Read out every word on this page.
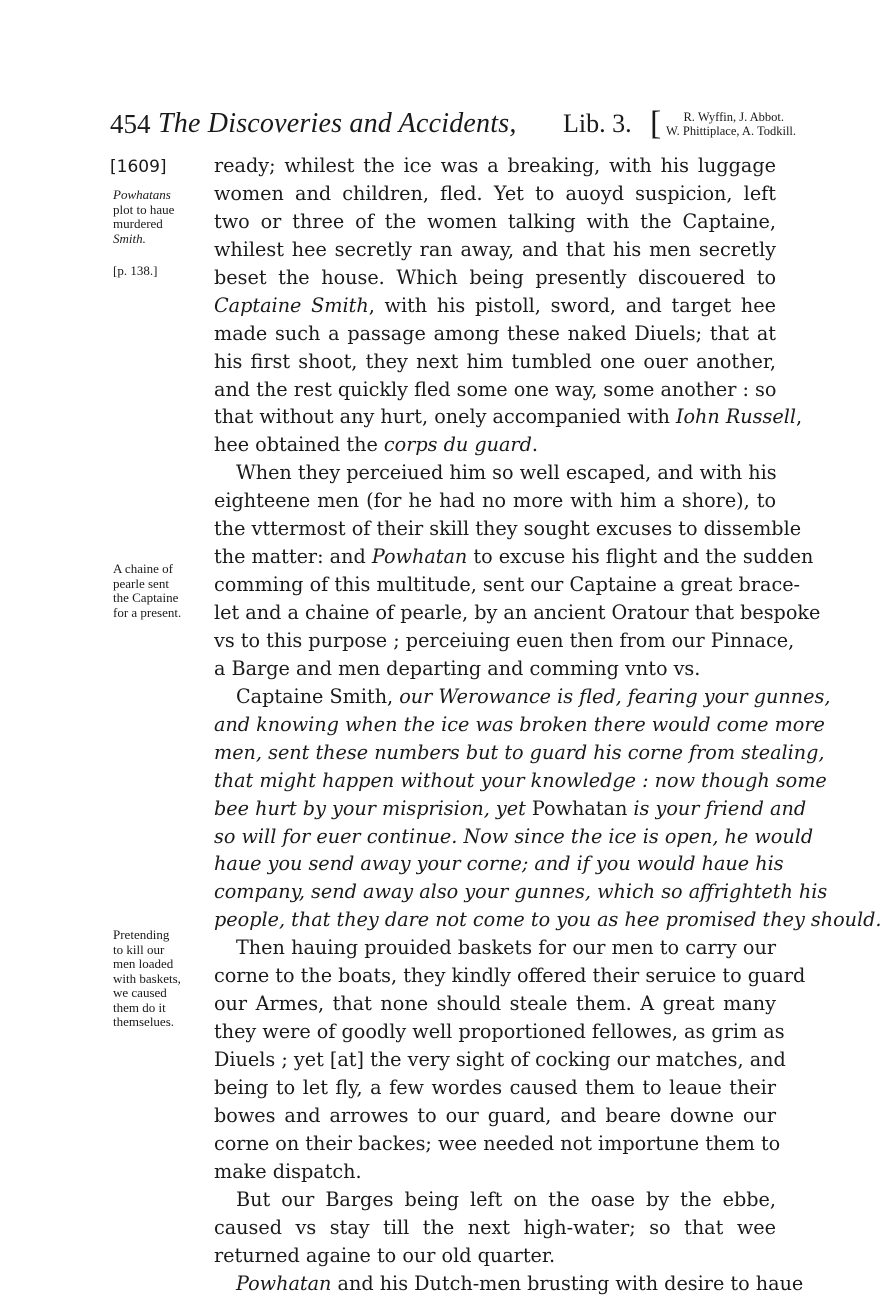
454 The Discoveries and Accidents, Lib. 3. [	R. Wyffin, J. Abbot.
W. Phittiplace, A. Todkill.
[1609]
Powhatans
plot to haue
murdered
Smith.
[p. 138.]
A chaine of
pearle sent
the Captaine
for a present.
Pretending
to kill our
men loaded
with baskets,
we caused
them do it
themselues.
ready; whilest the ice was a breaking, with his luggage
women and children, fled. Yet to auoyd suspicion, left
two or three of the women talking with the Captaine,
whilest hee secretly ran away, and that his men secretly
beset the house. Which being presently discouered to
Captaine Smith, with his pistoll, sword, and target hee
made such a passage among these naked Diuels; that at
his first shoot, they next him tumbled one ouer another,
and the rest quickly fled some one way, some another : so
that without any hurt, onely accompanied with Iohn Russell,
hee obtained the corps du guard.
When they perceiued him so well escaped, and with his
eighteene men (for he had no more with him a shore), to
the vttermost of their skill they sought excuses to dissemble
the matter: and Powhatan to excuse his flight and the sudden
comming of this multitude, sent our Captaine a great brace-
let and a chaine of pearle, by an ancient Oratour that bespoke
vs to this purpose ; perceiuing euen then from our Pinnace,
a Barge and men departing and comming vnto vs.
Captaine Smith, our Werowance is fled, fearing your gunnes,
and knowing when the ice was broken there would come more
men, sent these numbers but to guard his corne from stealing,
that might happen without your knowledge : now though some
bee hurt by your misprision, yet Powhatan is your friend and
so will for euer continue. Now since the ice is open, he would
haue you send away your corne; and if you would haue his
company, send away also your gunnes, which so affrighteth his
people, that they dare not come to you as hee promised they should.
Then hauing prouided baskets for our men to carry our
corne to the boats, they kindly offered their seruice to guard
our Armes, that none should steale them. A great many
they were of goodly well proportioned fellowes, as grim as
Diuels ; yet [at] the very sight of cocking our matches, and
being to let fly, a few wordes caused them to leaue their
bowes and arrowes to our guard, and beare downe our
corne on their backes; wee needed not importune them to
make dispatch.
But our Barges being left on the oase by the ebbe,
caused vs stay till the next high-water; so that wee
returned againe to our old quarter.
Powhatan and his Dutch-men brusting with desire to haue
